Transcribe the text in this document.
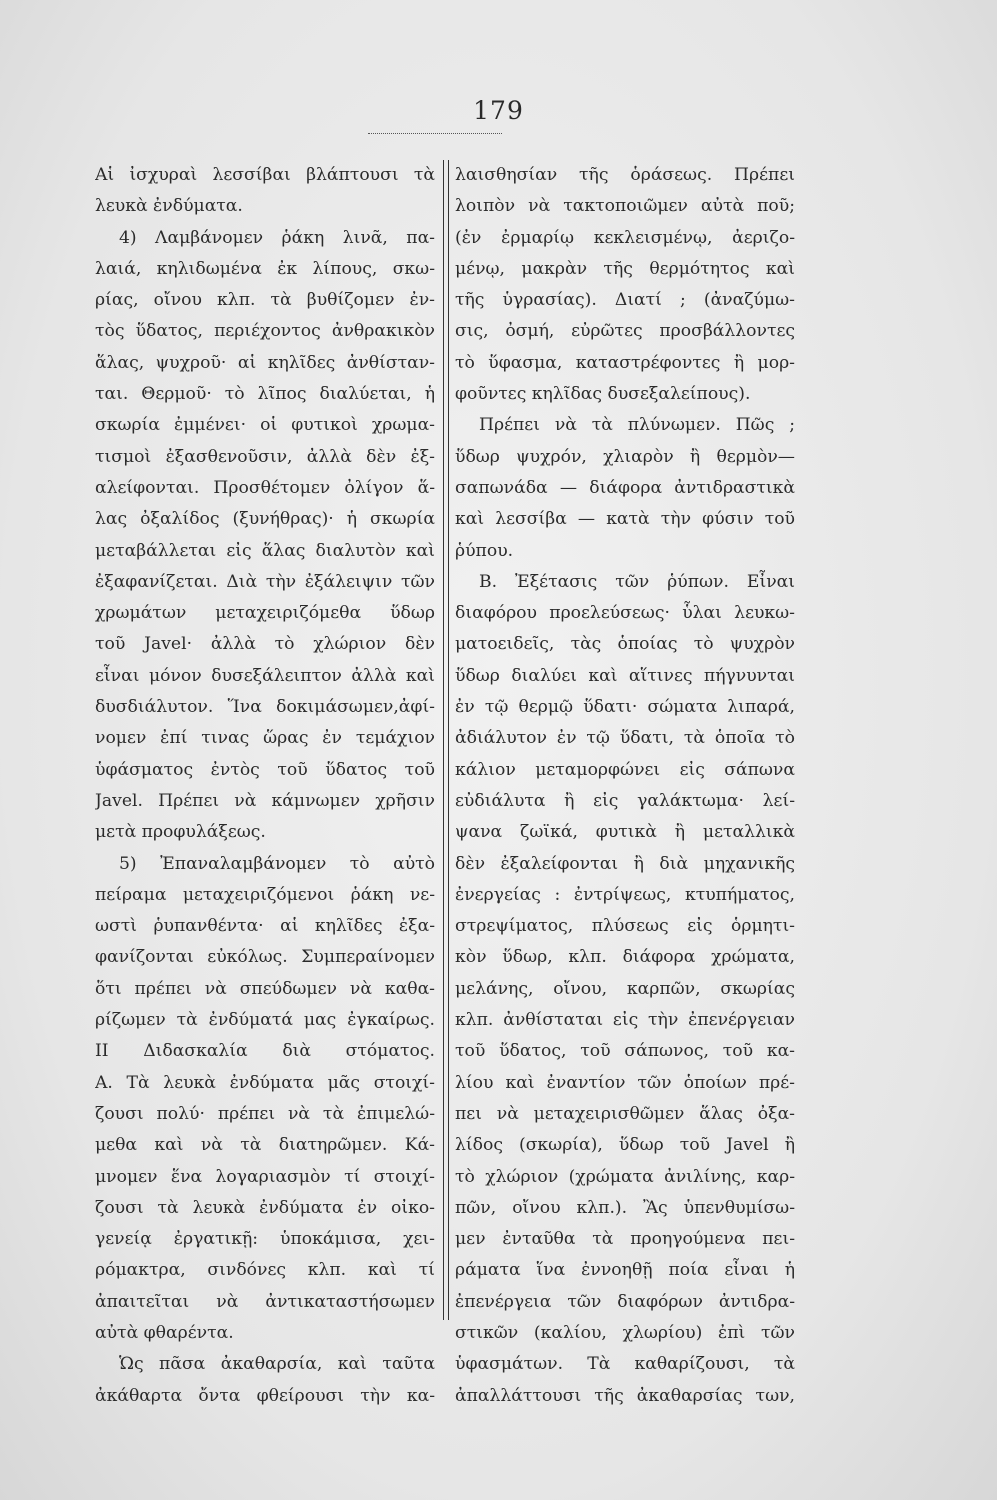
179
Αἱ ἰσχυραὶ λεσσίβαι βλάπτουσι τὰ
λευκὰ ἐνδύματα.
4) Λαμβάνομεν ῥάκη λινᾶ, πα-
λαιά, κηλιδωμένα ἐκ λίπους, σκω-
ρίας, οἴνου κλπ. τὰ βυθίζομεν ἐν-
τὸς ὕδατος, περιέχοντος ἀνθρακικὸν
ἅλας, ψυχροῦ· αἱ κηλῖδες ἀνθίσταν-
ται. Θερμοῦ· τὸ λῖπος διαλύεται, ἡ
σκωρία ἐμμένει· οἱ φυτικοὶ χρωμα-
τισμοὶ ἐξασθενοῦσιν, ἀλλὰ δὲν ἐξ-
αλείφονται. Προσθέτομεν ὀλίγον ἅ-
λας ὀξαλίδος (ξυνήθρας)· ἡ σκωρία
μεταβάλλεται εἰς ἅλας διαλυτὸν καὶ
ἐξαφανίζεται. Διὰ τὴν ἐξάλειψιν τῶν
χρωμάτων μεταχειριζόμεθα ὕδωρ
τοῦ Javel· ἀλλὰ τὸ χλώριον δὲν
εἶναι μόνον δυσεξάλειπτον ἀλλὰ καὶ
δυσδιάλυτον. Ἵνα δοκιμάσωμεν,ἀφί-
νομεν ἐπί τινας ὥρας ἐν τεμάχιον
ὑφάσματος ἐντὸς τοῦ ὕδατος τοῦ
Javel. Πρέπει νὰ κάμνωμεν χρῆσιν
μετὰ προφυλάξεως.
5) Ἐπαναλαμβάνομεν τὸ αὐτὸ
πείραμα μεταχειριζόμενοι ῥάκη νε-
ωστὶ ῥυπανθέντα· αἱ κηλῖδες ἐξα-
φανίζονται εὐκόλως. Συμπεραίνομεν
ὅτι πρέπει νὰ σπεύδωμεν νὰ καθα-
ρίζωμεν τὰ ἐνδύματά μας ἐγκαίρως.
II Διδασκαλία διὰ στόματος.
Α. Τὰ λευκὰ ἐνδύματα μᾶς στοιχί-
ζουσι πολύ· πρέπει νὰ τὰ ἐπιμελώ-
μεθα καὶ νὰ τὰ διατηρῶμεν. Κά-
μνομεν ἕνα λογαριασμὸν τί στοιχί-
ζουσι τὰ λευκὰ ἐνδύματα ἐν οἰκο-
γενείᾳ ἐργατικῇ: ὑποκάμισα, χει-
ρόμακτρα, σινδόνες κλπ. καὶ τί
ἀπαιτεῖται νὰ ἀντικαταστήσωμεν
αὐτὰ φθαρέντα.
Ὡς πᾶσα ἀκαθαρσία, καὶ ταῦτα
ἀκάθαρτα ὄντα φθείρουσι τὴν κα-
λαισθησίαν τῆς ὁράσεως. Πρέπει
λοιπὸν νὰ τακτοποιῶμεν αὐτὰ ποῦ;
(ἐν ἐρμαρίῳ κεκλεισμένῳ, ἀεριζο-
μένῳ, μακρὰν τῆς θερμότητος καὶ
τῆς ὑγρασίας). Διατί ; (ἀναζύμω-
σις, ὀσμή, εὐρῶτες προσβάλλοντες
τὸ ὕφασμα, καταστρέφοντες ἢ μορ-
φοῦντες κηλῖδας δυσεξαλείπους).
Πρέπει νὰ τὰ πλύνωμεν. Πῶς ;
ὕδωρ ψυχρόν, χλιαρὸν ἢ θερμὸν—
σαπωνάδα — διάφορα ἀντιδραστικὰ
καὶ λεσσίβα — κατὰ τὴν φύσιν τοῦ
ῥύπου.
Β. Ἐξέτασις τῶν ῥύπων. Εἶναι
διαφόρου προελεύσεως· ὗλαι λευκω-
ματοειδεῖς, τὰς ὁποίας τὸ ψυχρὸν
ὕδωρ διαλύει καὶ αἵτινες πήγνυνται
ἐν τῷ θερμῷ ὕδατι· σώματα λιπαρά,
ἀδιάλυτον ἐν τῷ ὕδατι, τὰ ὁποῖα τὸ
κάλιον μεταμορφώνει εἰς σάπωνα
εὐδιάλυτα ἢ εἰς γαλάκτωμα· λεί-
ψανα ζωϊκά, φυτικὰ ἢ μεταλλικὰ
δὲν ἐξαλείφονται ἢ διὰ μηχανικῆς
ἐνεργείας : ἐντρίψεως, κτυπήματος,
στρεψίματος, πλύσεως εἰς ὁρμητι-
κὸν ὕδωρ, κλπ. διάφορα χρώματα,
μελάνης, οἴνου, καρπῶν, σκωρίας
κλπ. ἀνθίσταται εἰς τὴν ἐπενέργειαν
τοῦ ὕδατος, τοῦ σάπωνος, τοῦ κα-
λίου καὶ ἐναντίον τῶν ὁποίων πρέ-
πει νὰ μεταχειρισθῶμεν ἅλας ὀξα-
λίδος (σκωρία), ὕδωρ τοῦ Javel ἢ
τὸ χλώριον (χρώματα ἀνιλίνης, καρ-
πῶν, οἴνου κλπ.). Ἂς ὑπενθυμίσω-
μεν ἐνταῦθα τὰ προηγούμενα πει-
ράματα ἵνα ἐννοηθῇ ποία εἶναι ἡ
ἐπενέργεια τῶν διαφόρων ἀντιδρα-
στικῶν (καλίου, χλωρίου) ἐπὶ τῶν
ὑφασμάτων. Τὰ καθαρίζουσι, τὰ
ἀπαλλάττουσι τῆς ἀκαθαρσίας των,
